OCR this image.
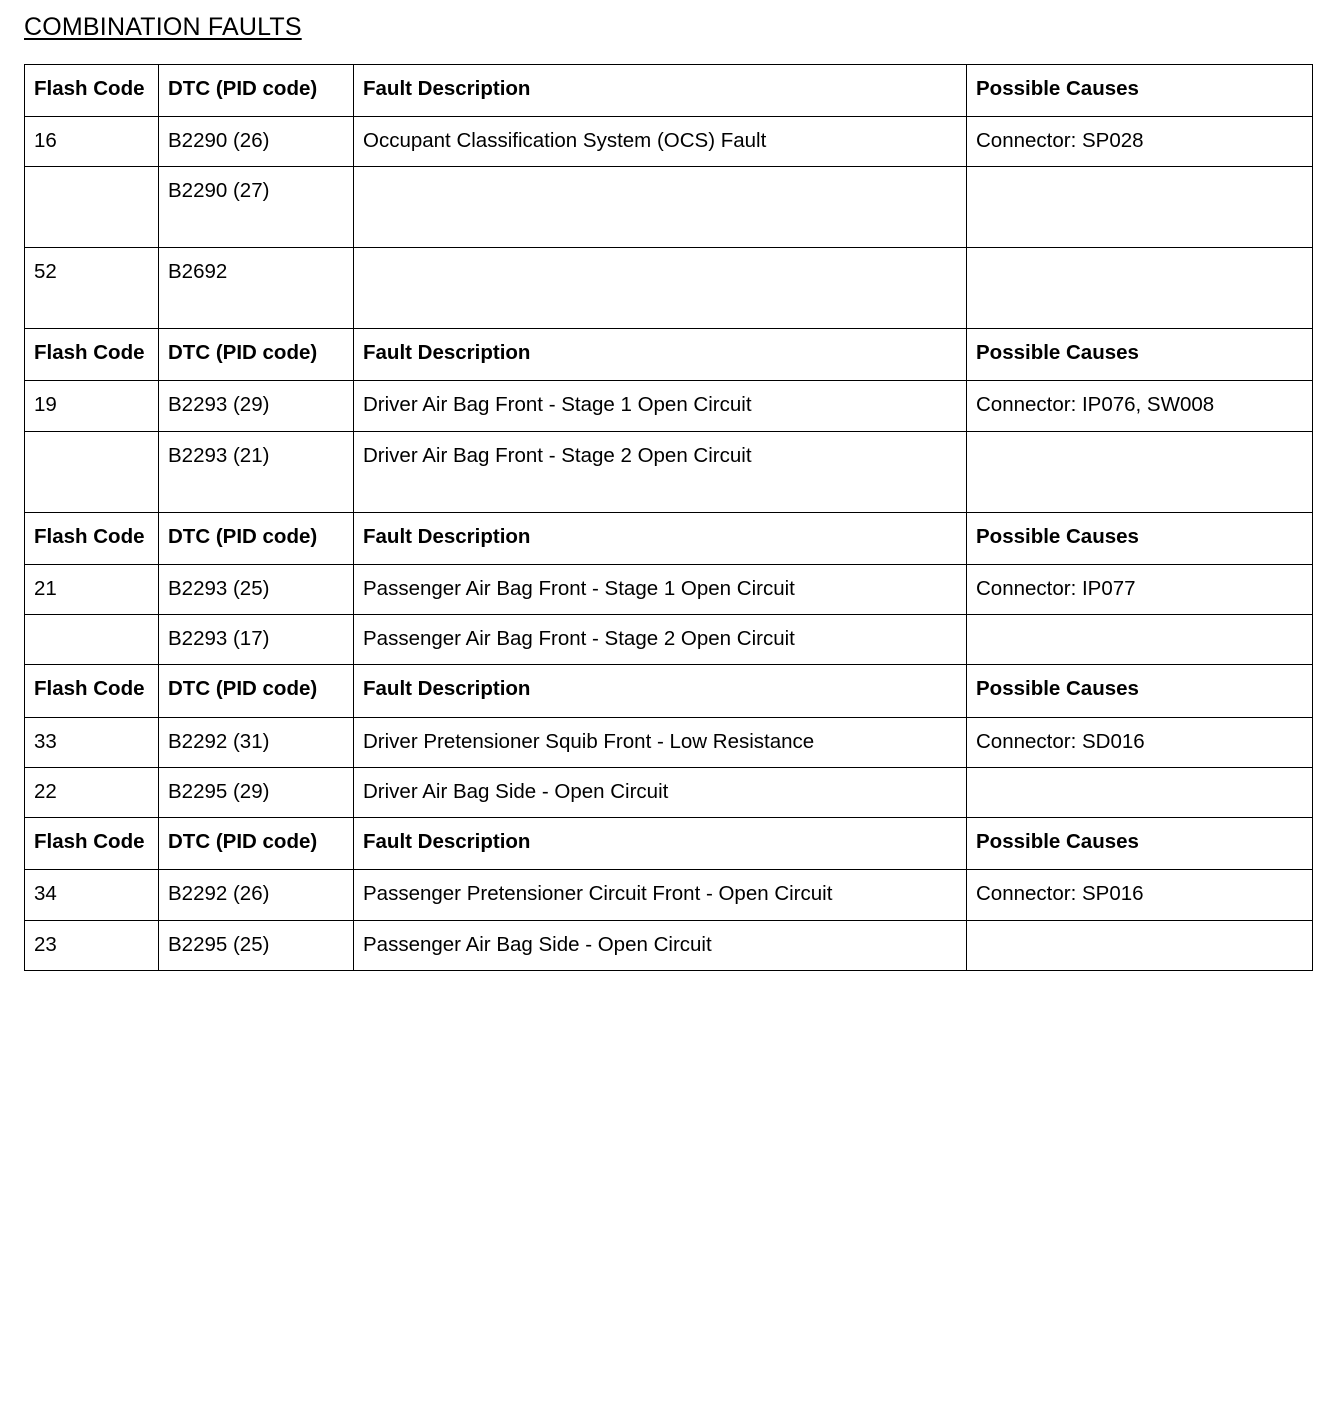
COMBINATION FAULTS
Flash Code	DTC (PID code)	Fault Description	Possible Causes
16	B2290 (26)	Occupant Classification System (OCS) Fault	Connector: SP028
	B2290 (27)		
52	B2692		
Flash Code	DTC (PID code)	Fault Description	Possible Causes
19	B2293 (29)	Driver Air Bag Front - Stage 1 Open Circuit	Connector: IP076, SW008
	B2293 (21)	Driver Air Bag Front - Stage 2 Open Circuit	
Flash Code	DTC (PID code)	Fault Description	Possible Causes
21	B2293 (25)	Passenger Air Bag Front - Stage 1 Open Circuit	Connector: IP077
	B2293 (17)	Passenger Air Bag Front - Stage 2 Open Circuit	
Flash Code	DTC (PID code)	Fault Description	Possible Causes
33	B2292 (31)	Driver Pretensioner Squib Front - Low Resistance	Connector: SD016
22	B2295 (29)	Driver Air Bag Side - Open Circuit	
Flash Code	DTC (PID code)	Fault Description	Possible Causes
34	B2292 (26)	Passenger Pretensioner Circuit Front - Open Circuit	Connector: SP016
23	B2295 (25)	Passenger Air Bag Side - Open Circuit	
